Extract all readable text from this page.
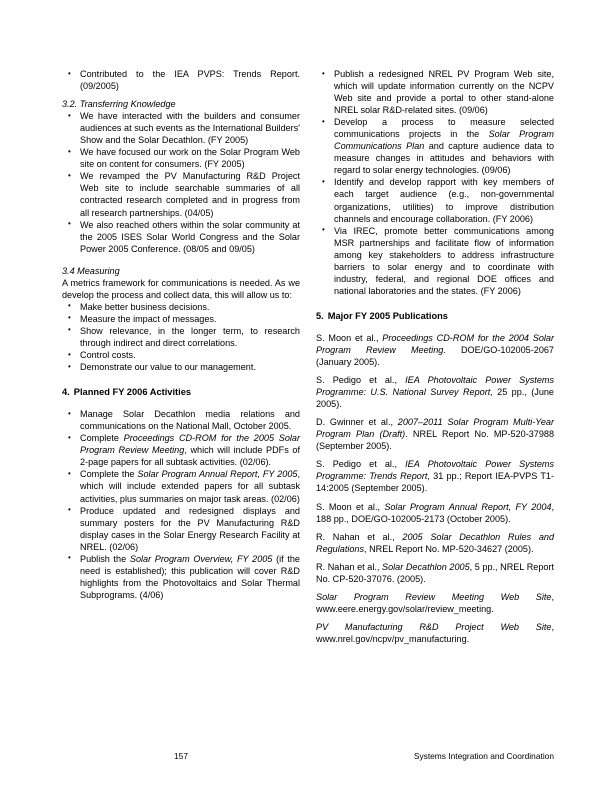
• Contributed to the IEA PVPS: Trends Report. (09/2005)

3.2. Transferring Knowledge

• We have interacted with the builders and consumer audiences at such events as the International Builders' Show and the Solar Decathlon. (FY 2005)
• We have focused our work on the Solar Program Web site on content for consumers. (FY 2005)
• We revamped the PV Manufacturing R&D Project Web site to include searchable summaries of all contracted research completed and in progress from all research partnerships. (04/05)
• We also reached others within the solar community at the 2005 ISES Solar World Congress and the Solar Power 2005 Conference. (08/05 and 09/05)

3.4 Measuring

A metrics framework for communications is needed. As we develop the process and collect data, this will allow us to:

• Make better business decisions.
• Measure the impact of messages.
• Show relevance, in the longer term, to research through indirect and direct correlations.
• Control costs.
• Demonstrate our value to our management.

4. Planned FY 2006 Activities

• Manage Solar Decathlon media relations and communications on the National Mall, October 2005.
• Complete Proceedings CD-ROM for the 2005 Solar Program Review Meeting, which will include PDFs of 2-page papers for all subtask activities. (02/06).
• Complete the Solar Program Annual Report, FY 2005, which will include extended papers for all subtask activities, plus summaries on major task areas. (02/06)
• Produce updated and redesigned displays and summary posters for the PV Manufacturing R&D display cases in the Solar Energy Research Facility at NREL. (02/06)
• Publish the Solar Program Overview, FY 2005 (if the need is established); this publication will cover R&D highlights from the Photovoltaics and Solar Thermal Subprograms. (4/06)
• Publish a redesigned NREL PV Program Web site, which will update information currently on the NCPV Web site and provide a portal to other stand-alone NREL solar R&D-related sites. (09/06)
• Develop a process to measure selected communications projects in the Solar Program Communications Plan and capture audience data to measure changes in attitudes and behaviors with regard to solar energy technologies. (09/06)
• Identify and develop rapport with key members of each target audience (e.g., non-governmental organizations, utilities) to improve distribution channels and encourage collaboration. (FY 2006)
• Via IREC, promote better communications among MSR partnerships and facilitate flow of information among key stakeholders to address infrastructure barriers to solar energy and to coordinate with industry, federal, and regional DOE offices and national laboratories and the states. (FY 2006)

5. Major FY 2005 Publications

S. Moon et al., Proceedings CD-ROM for the 2004 Solar Program Review Meeting. DOE/GO-102005-2067 (January 2005).

S. Pedigo et al., IEA Photovoltaic Power Systems Programme: U.S. National Survey Report, 25 pp., (June 2005).

D. Gwinner et al., 2007–2011 Solar Program Multi-Year Program Plan (Draft). NREL Report No. MP-520-37988 (September 2005).

S. Pedigo et al., IEA Photovoltaic Power Systems Programme: Trends Report, 31 pp.; Report IEA-PVPS T1-14:2005 (September 2005).

S. Moon et al., Solar Program Annual Report, FY 2004, 188 pp., DOE/GO-102005-2173 (October 2005).

R. Nahan et al., 2005 Solar Decathlon Rules and Regulations, NREL Report No. MP-520-34627 (2005).

R. Nahan et al., Solar Decathlon 2005, 5 pp., NREL Report No. CP-520-37076. (2005).

Solar Program Review Meeting Web Site, www.eere.energy.gov/solar/review_meeting.

PV Manufacturing R&D Project Web Site, www.nrel.gov/ncpv/pv_manufacturing.

157	Systems Integration and Coordination
